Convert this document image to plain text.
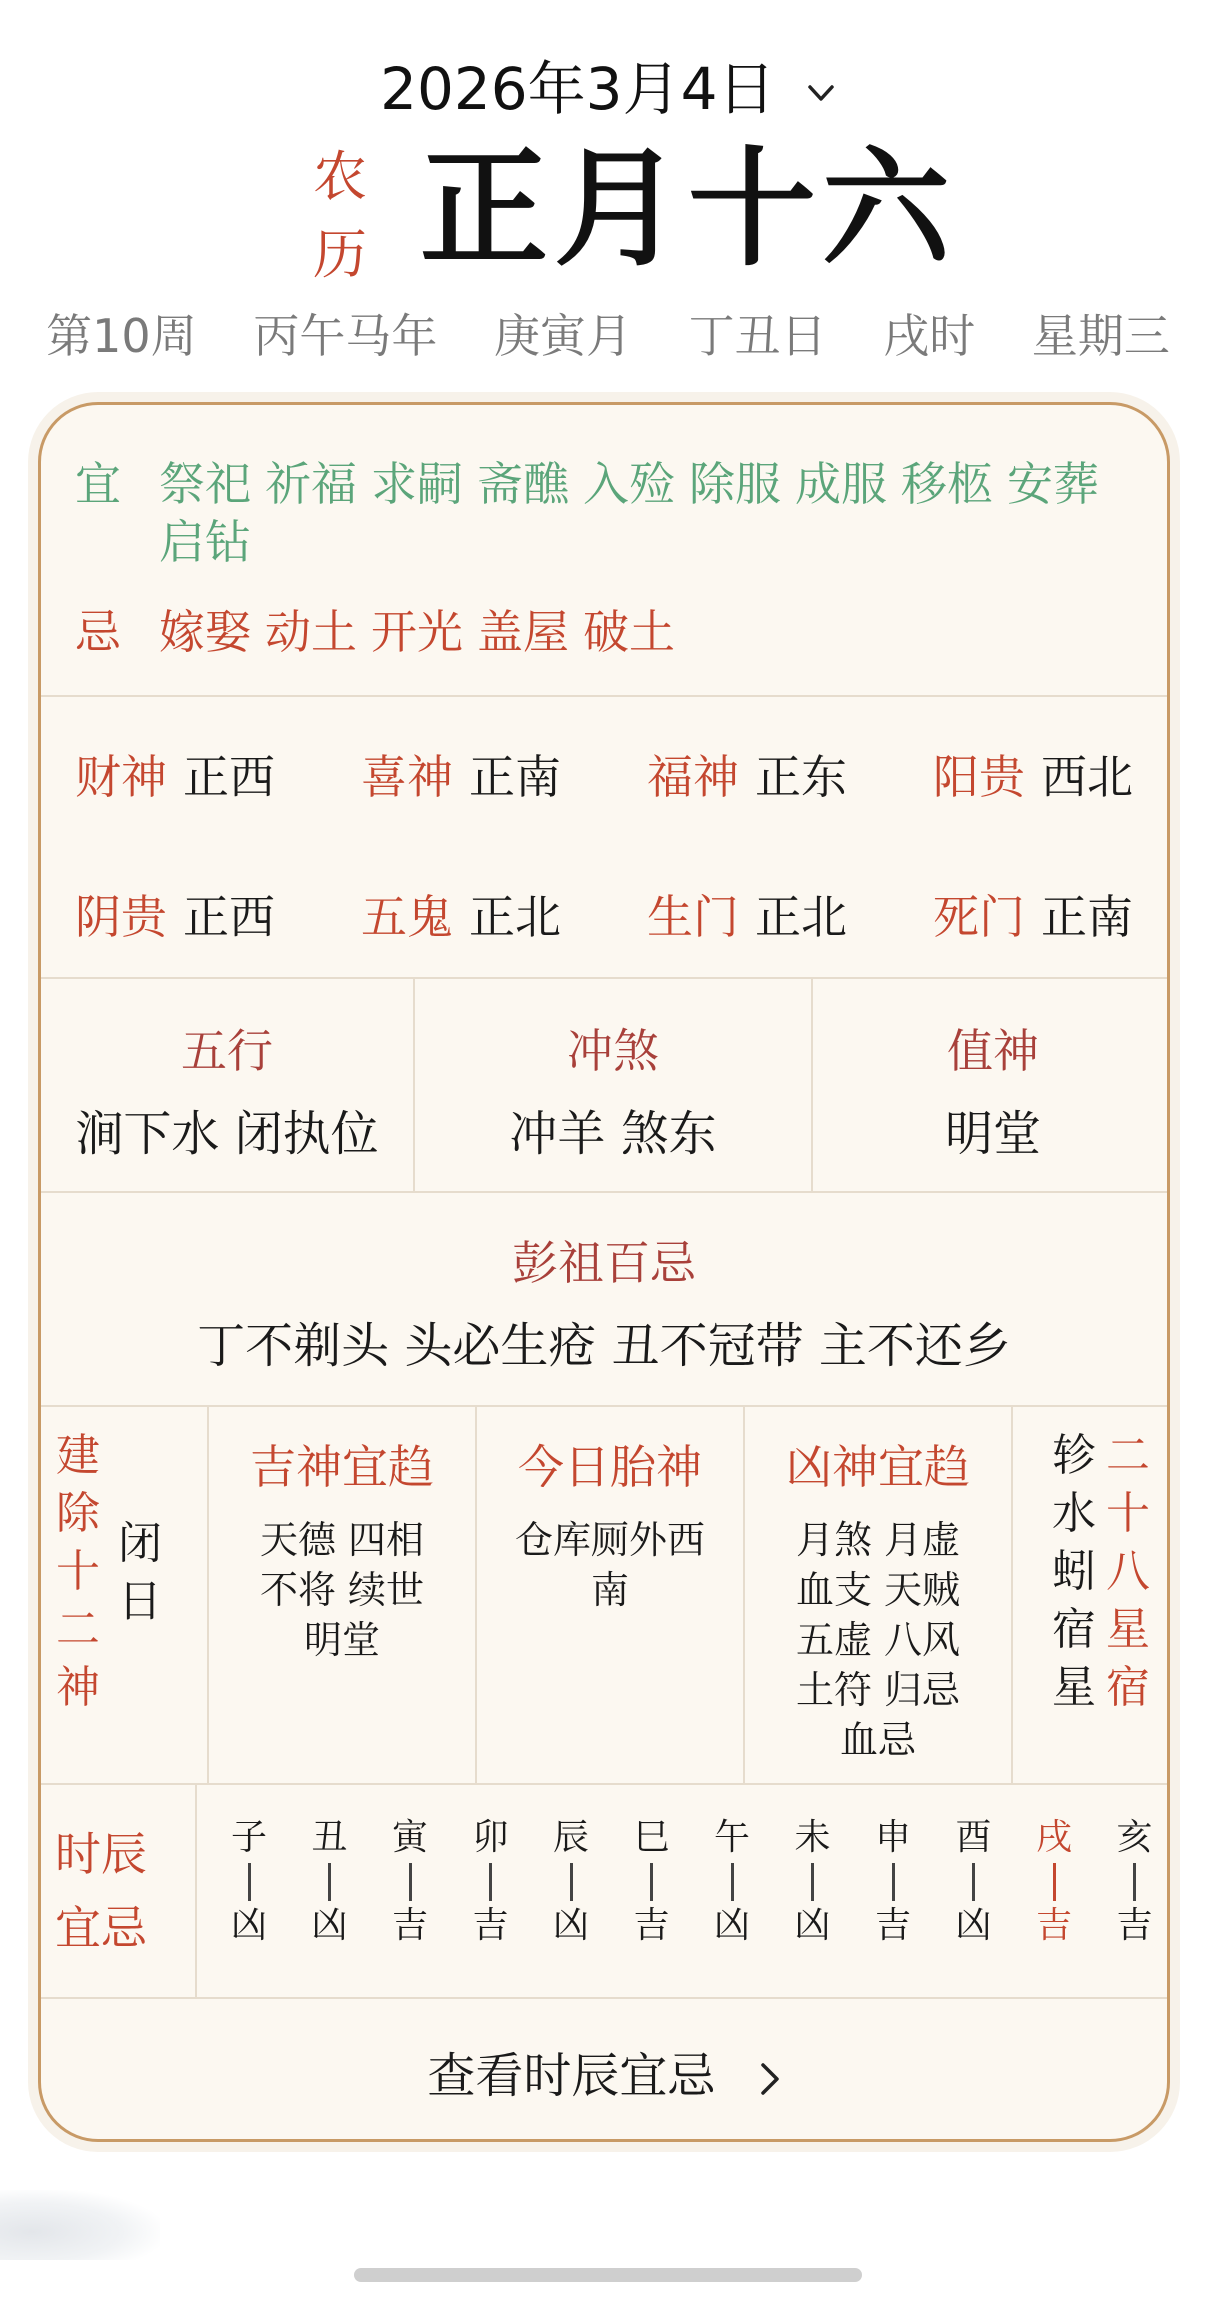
2026年3月4日
农
历 正月十六
第10周 丙午马年 庚寅月 丁丑日 戌时 星期三
宜 祭祀 祈福 求嗣 斋醮 入殓 除服 成服 移柩 安葬启钻
忌 嫁娶 动土 开光 盖屋 破土
财神 正西 喜神 正南 福神 正东 阳贵 西北
阴贵 正西 五鬼 正北 生门 正北 死门 正南
五行
涧下水 闭执位
冲煞
冲羊 煞东
值神
明堂
彭祖百忌
丁不剃头 头必生疮 丑不冠带 主不还乡
建
除
十
二
神
闭
日
吉神宜趋
天德 四相
不将 续世
明堂
今日胎神
仓库厕外西
南
凶神宜趋
月煞 月虚
血支 天贼
五虚 八风
土符 归忌
血忌
轸
水
蚓
宿
星
二
十
八
星
宿
时辰宜忌
子
凶
丑
凶
寅
吉
卯
吉
辰
凶
巳
吉
午
凶
未
凶
申
吉
酉
凶
戌
吉
亥
吉
查看时辰宜忌
